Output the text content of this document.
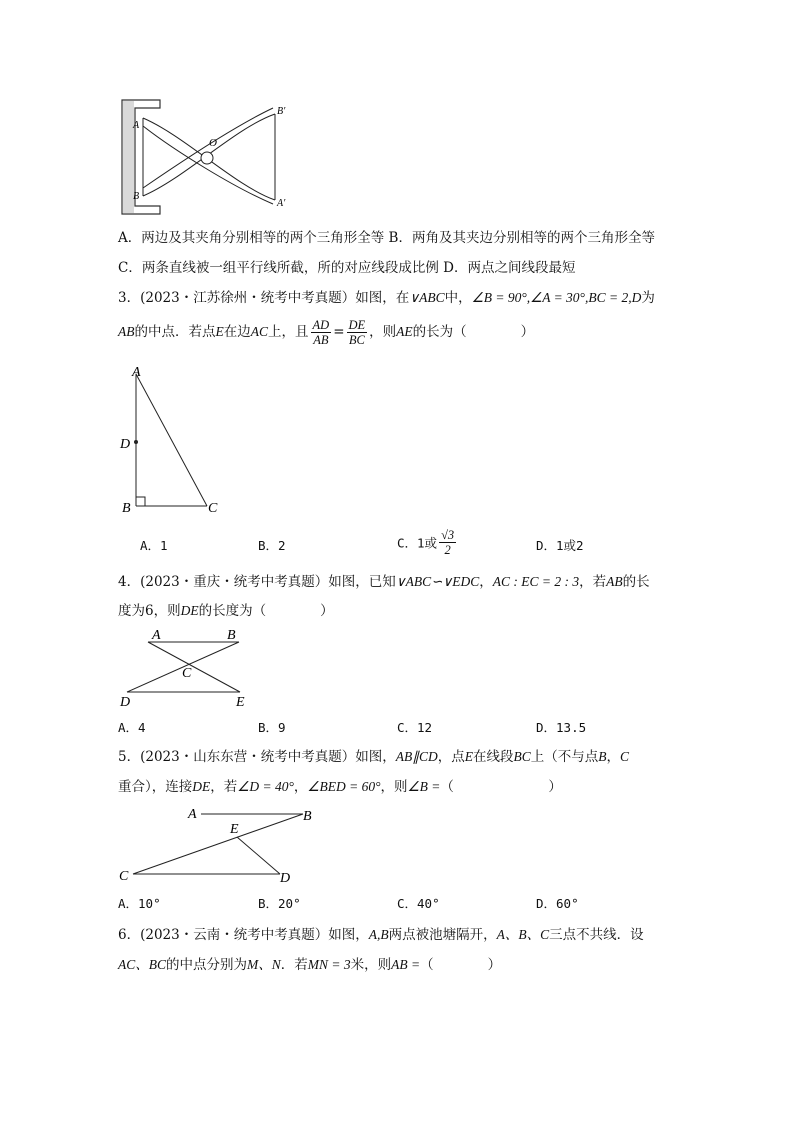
A
B
O
B′
A′
A．两边及其夹角分别相等的两个三角形全等 B．两角及其夹边分别相等的两个三角形全等
C．两条直线被一组平行线所截，所的对应线段成比例 D．两点之间线段最短
3．(2023・江苏徐州・统考中考真题）如图，在∨ABC中，∠B = 90°,∠A = 30°,BC = 2,D为
AB的中点．若点E在边AC上，且 $\frac{AD}{AB} = \frac{DE}{BC}$ ，则AE的长为（　　　　）
A
D
B	C
A．1	B．2	C．1或 $\frac{√3}{2}$	D．1或2
4．(2023・重庆・统考中考真题）如图，已知∨ABC∽∨EDC，AC : EC = 2 : 3，若AB的长
度为6，则DE的长度为（　　　　）
A	B
C
D	E
A．4	B．9	C．12	D．13.5
5．(2023・山东东营・统考中考真题）如图，AB∥CD，点E在线段BC上（不与点B，C
重合），连接DE，若∠D = 40°，∠BED = 60°，则∠B =（　　　　　　　）
A	B
E
C	D
A．10°	B．20°	C．40°	D．60°
6．(2023・云南・统考中考真题）如图，A,B两点被池塘隔开，A、B、C三点不共线．设
AC、BC的中点分别为M、N．若MN = 3米，则AB =（　　　　）
